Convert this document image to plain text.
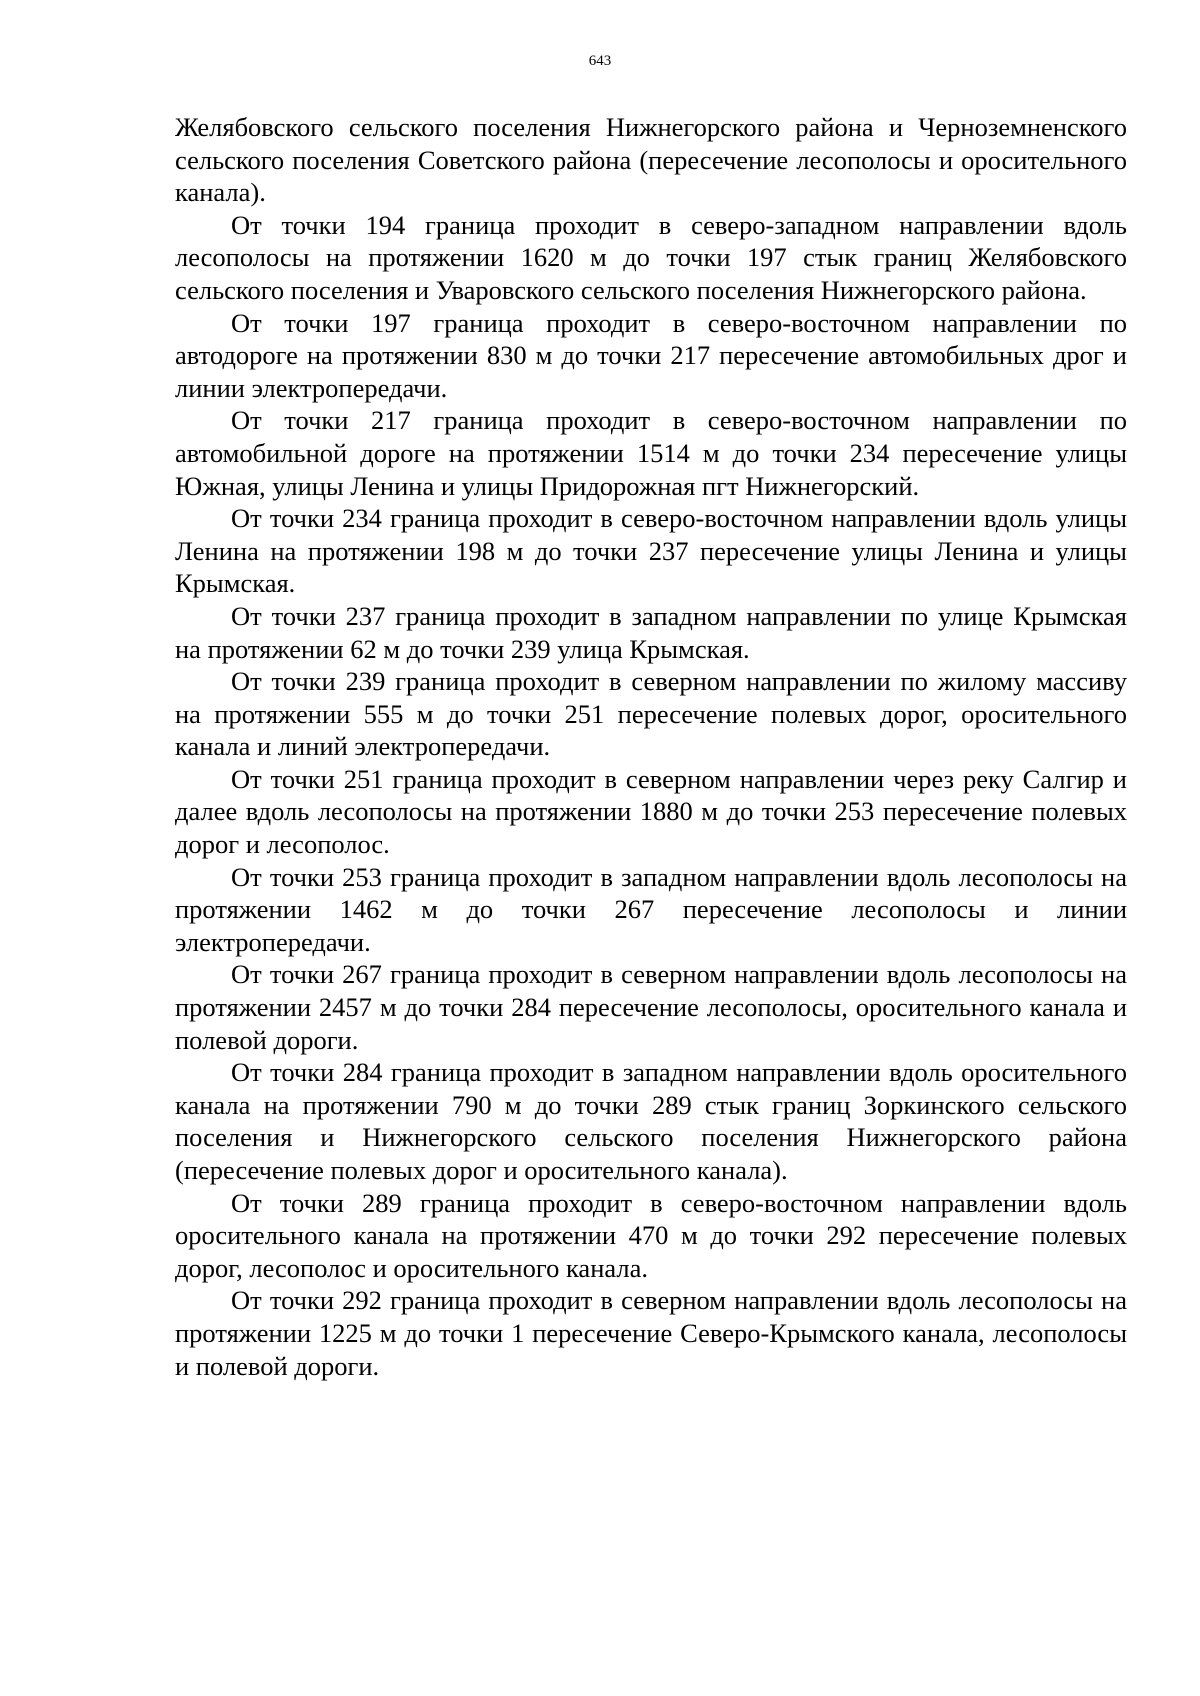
643

Желябовского сельского поселения Нижнегорского района и Черноземненского сельского поселения Советского района (пересечение лесополосы и оросительного канала).

От точки 194 граница проходит в северо-западном направлении вдоль лесополосы на протяжении 1620 м до точки 197 стык границ Желябовского сельского поселения и Уваровского сельского поселения Нижнегорского района.

От точки 197 граница проходит в северо-восточном направлении по автодороге на протяжении 830 м до точки 217 пересечение автомобильных дрог и линии электропередачи.

От точки 217 граница проходит в северо-восточном направлении по автомобильной дороге на протяжении 1514 м до точки 234 пересечение улицы Южная, улицы Ленина и улицы Придорожная пгт Нижнегорский.

От точки 234 граница проходит в северо-восточном направлении вдоль улицы Ленина на протяжении 198 м до точки 237 пересечение улицы Ленина и улицы Крымская.

От точки 237 граница проходит в западном направлении по улице Крымская на протяжении 62 м до точки 239 улица Крымская.

От точки 239 граница проходит в северном направлении по жилому массиву на протяжении 555 м до точки 251 пересечение полевых дорог, оросительного канала и линий электропередачи.

От точки 251 граница проходит в северном направлении через реку Салгир и далее вдоль лесополосы на протяжении 1880 м до точки 253 пересечение полевых дорог и лесополос.

От точки 253 граница проходит в западном направлении вдоль лесополосы на протяжении 1462 м до точки 267 пересечение лесополосы и линии электропередачи.

От точки 267 граница проходит в северном направлении вдоль лесополосы на протяжении 2457 м до точки 284 пересечение лесополосы, оросительного канала и полевой дороги.

От точки 284 граница проходит в западном направлении вдоль оросительного канала на протяжении 790 м до точки 289 стык границ Зоркинского сельского поселения и Нижнегорского сельского поселения Нижнегорского района (пересечение полевых дорог и оросительного канала).

От точки 289 граница проходит в северо-восточном направлении вдоль оросительного канала на протяжении 470 м до точки 292 пересечение полевых дорог, лесополос и оросительного канала.

От точки 292 граница проходит в северном направлении вдоль лесополосы на протяжении 1225 м до точки 1 пересечение Северо-Крымского канала, лесополосы и полевой дороги.
